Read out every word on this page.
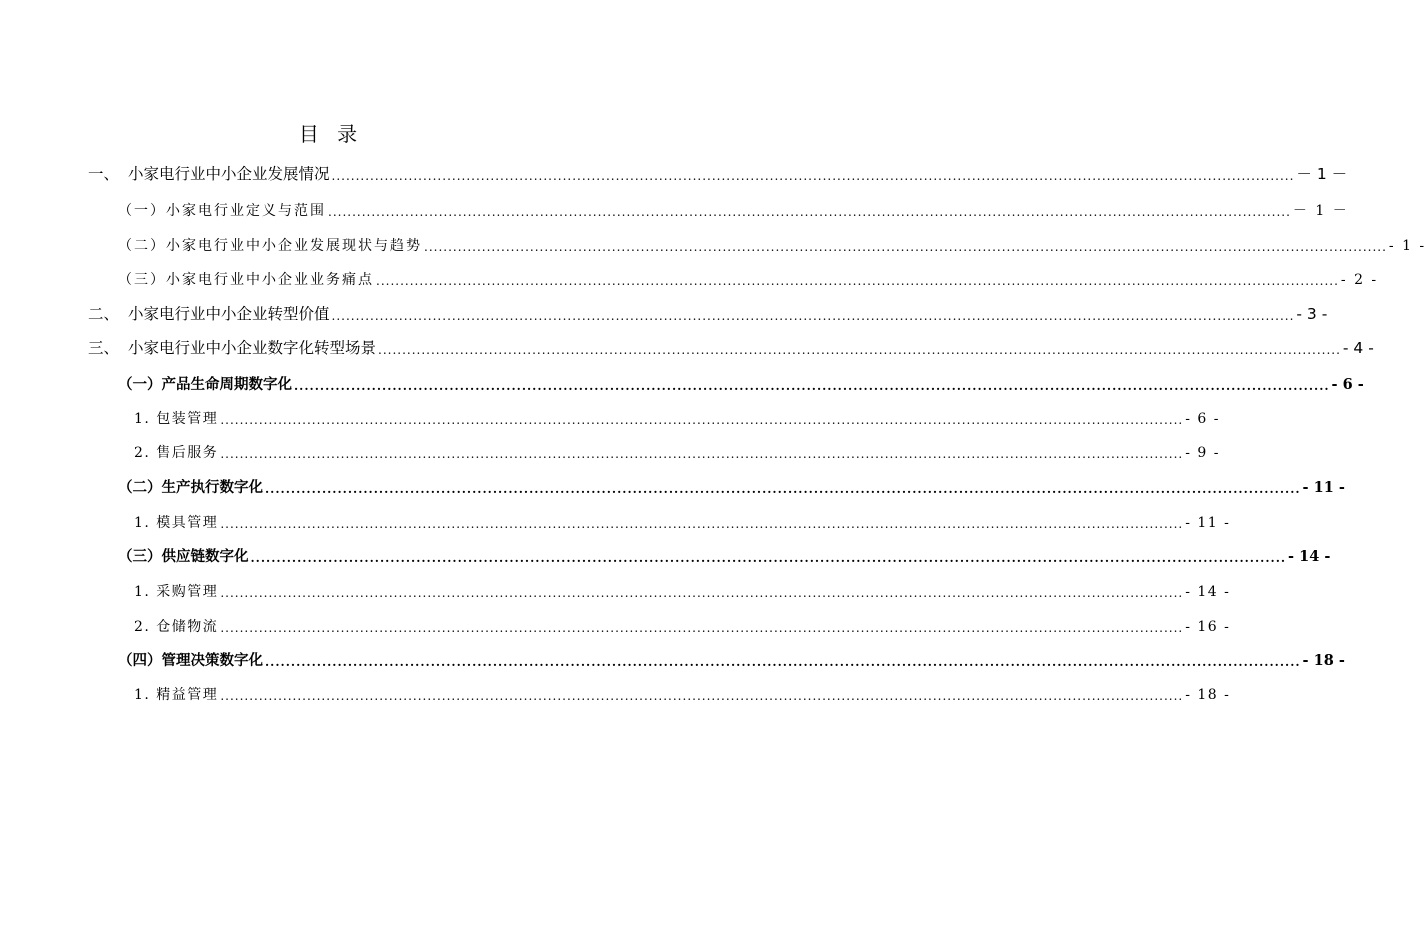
目 录
一、 小家电行业中小企业发展情况 ........................................................................................................................................................................................................ － 1 －
（一）小家电行业定义与范围 ........................................................................................................................................................................................................ － 1 －
（二）小家电行业中小企业发展现状与趋势 ........................................................................................................................................................................................................ - 1 -
（三）小家电行业中小企业业务痛点 ........................................................................................................................................................................................................ - 2 -
二、 小家电行业中小企业转型价值 ........................................................................................................................................................................................................ - 3 -
三、 小家电行业中小企业数字化转型场景 ........................................................................................................................................................................................................ - 4 -
（一）产品生命周期数字化 ........................................................................................................................................................................................................ - 6 -
1. 包装管理 ........................................................................................................................................................................................................ - 6 -
2. 售后服务 ........................................................................................................................................................................................................ - 9 -
（二）生产执行数字化 ........................................................................................................................................................................................................ - 11 -
1. 模具管理 ........................................................................................................................................................................................................ - 11 -
（三）供应链数字化 ........................................................................................................................................................................................................ - 14 -
1. 采购管理 ........................................................................................................................................................................................................ - 14 -
2. 仓储物流 ........................................................................................................................................................................................................ - 16 -
（四）管理决策数字化 ........................................................................................................................................................................................................ - 18 -
1. 精益管理 ........................................................................................................................................................................................................ - 18 -
